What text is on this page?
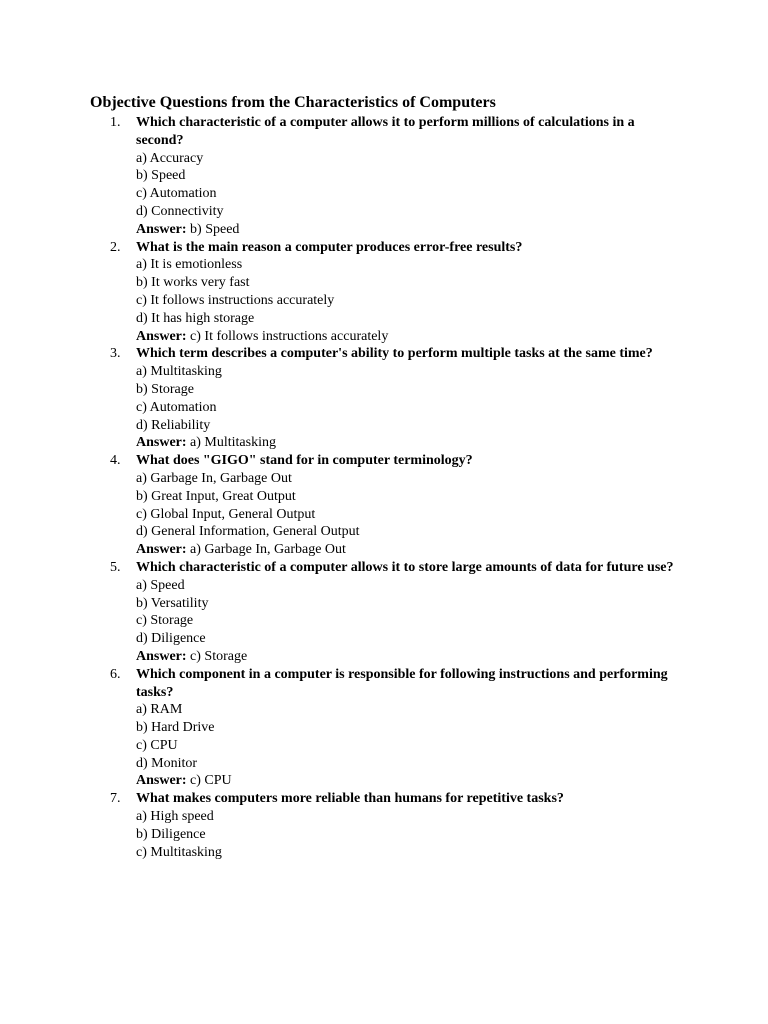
Objective Questions from the Characteristics of Computers
1.	Which characteristic of a computer allows it to perform millions of calculations in a second?
a) Accuracy
b) Speed
c) Automation
d) Connectivity
Answer: b) Speed
2.	What is the main reason a computer produces error-free results?
a) It is emotionless
b) It works very fast
c) It follows instructions accurately
d) It has high storage
Answer: c) It follows instructions accurately
3.	Which term describes a computer's ability to perform multiple tasks at the same time?
a) Multitasking
b) Storage
c) Automation
d) Reliability
Answer: a) Multitasking
4.	What does "GIGO" stand for in computer terminology?
a) Garbage In, Garbage Out
b) Great Input, Great Output
c) Global Input, General Output
d) General Information, General Output
Answer: a) Garbage In, Garbage Out
5.	Which characteristic of a computer allows it to store large amounts of data for future use?
a) Speed
b) Versatility
c) Storage
d) Diligence
Answer: c) Storage
6.	Which component in a computer is responsible for following instructions and performing tasks?
a) RAM
b) Hard Drive
c) CPU
d) Monitor
Answer: c) CPU
7.	What makes computers more reliable than humans for repetitive tasks?
a) High speed
b) Diligence
c) Multitasking
